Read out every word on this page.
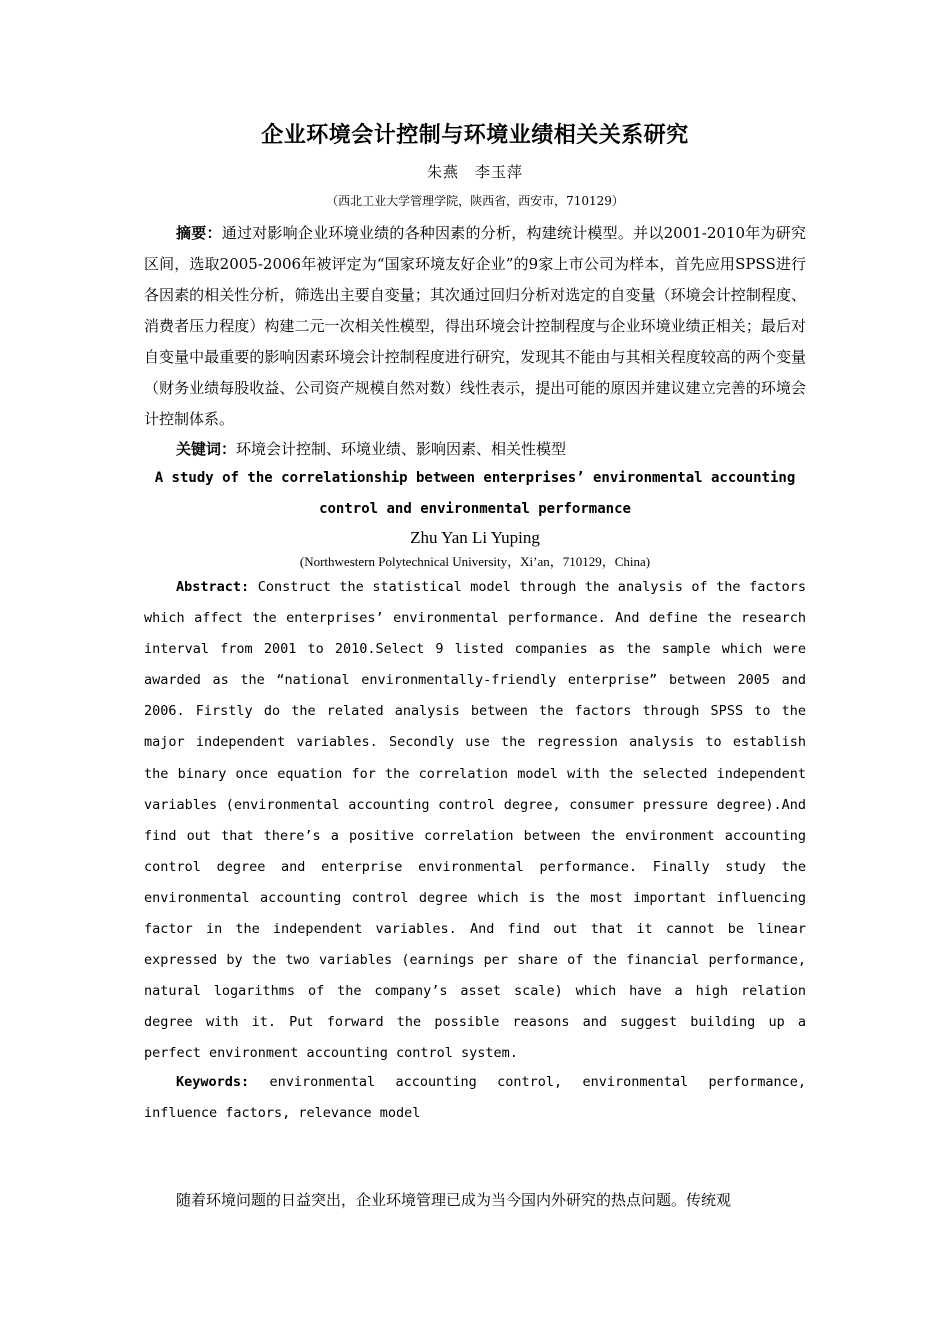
企业环境会计控制与环境业绩相关关系研究
朱燕　李玉萍
（西北工业大学管理学院，陕西省，西安市，710129）
摘要：通过对影响企业环境业绩的各种因素的分析，构建统计模型。并以2001-2010年为研究区间，选取2005-2006年被评定为“国家环境友好企业”的9家上市公司为样本，首先应用SPSS进行各因素的相关性分析，筛选出主要自变量；其次通过回归分析对选定的自变量（环境会计控制程度、消费者压力程度）构建二元一次相关性模型，得出环境会计控制程度与企业环境业绩正相关；最后对自变量中最重要的影响因素环境会计控制程度进行研究，发现其不能由与其相关程度较高的两个变量（财务业绩每股收益、公司资产规模自然对数）线性表示，提出可能的原因并建议建立完善的环境会计控制体系。
关键词：环境会计控制、环境业绩、影响因素、相关性模型
A study of the correlationship between enterprises’ environmental accounting control and environmental performance
Zhu Yan Li Yuping
(Northwestern Polytechnical University，Xi’an，710129，China)
Abstract: Construct the statistical model through the analysis of the factors which affect the enterprises’ environmental performance. And define the research interval from 2001 to 2010.Select 9 listed companies as the sample which were awarded as the “national environmentally-friendly enterprise” between 2005 and 2006. Firstly do the related analysis between the factors through SPSS to the major independent variables. Secondly use the regression analysis to establish the binary once equation for the correlation model with the selected independent variables (environmental accounting control degree, consumer pressure degree).And find out that there’s a positive correlation between the environment accounting control degree and enterprise environmental performance. Finally study the environmental accounting control degree which is the most important influencing factor in the independent variables. And find out that it cannot be linear expressed by the two variables (earnings per share of the financial performance, natural logarithms of the company’s asset scale) which have a high relation degree with it. Put forward the possible reasons and suggest building up a perfect environment accounting control system.
Keywords: environmental accounting control, environmental performance, influence factors, relevance model
随着环境问题的日益突出，企业环境管理已成为当今国内外研究的热点问题。传统观
